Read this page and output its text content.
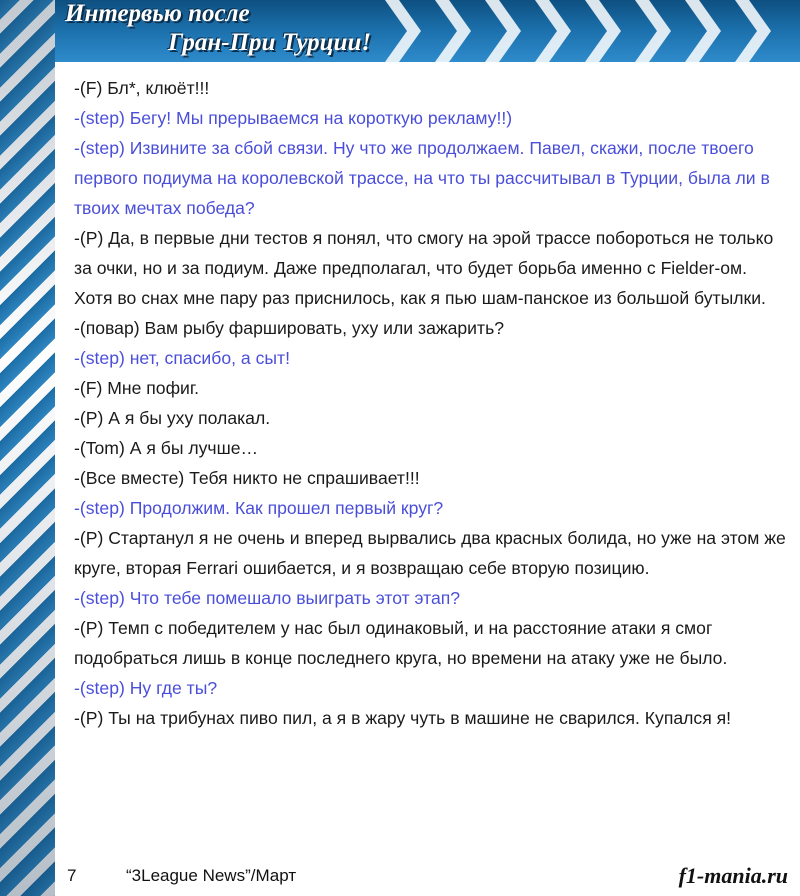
Интервью после
Гран-При Турции!

-(F) Бл*, клюёт!!!

-(step) Бегу! Мы прерываемся на короткую рекламу!!)

-(step) Извините за сбой связи. Ну что же продолжаем. Павел, скажи, после твоего первого подиума на королевской трассе, на что ты рассчитывал в Турции, была ли в твоих мечтах победа?

-(P) Да, в первые дни тестов я понял, что смогу на эрой трассе побороться не только за очки, но и за подиум. Даже предполагал, что будет борьба именно с Fielder-ом. Хотя во снах мне пару раз приснилось, как я пью шам-панское из большой бутылки.

-(повар) Вам рыбу фаршировать, уху или зажарить?

-(step) нет, спасибо, а сыт!

-(F) Мне пофиг.

-(P) А я бы уху полакал.

-(Tom) А я бы лучше…

-(Все вместе) Тебя никто не спрашивает!!!

-(step) Продолжим. Как прошел первый круг?

-(P) Стартанул я не очень и вперед вырвались два красных болида, но уже на этом же круге, вторая Ferrari ошибается, и я возвращаю себе вторую позицию.

-(step) Что тебе помешало выиграть этот этап?

-(P) Темп с победителем у нас был одинаковый, и на расстояние атаки я смог подобраться лишь в конце последнего круга, но времени на атаку уже не было.

-(step) Ну где ты?

-(P) Ты на трибунах пиво пил, а я в жару чуть в машине не сварился. Купался я!

7	“3League News”/Март	f1-mania.ru
